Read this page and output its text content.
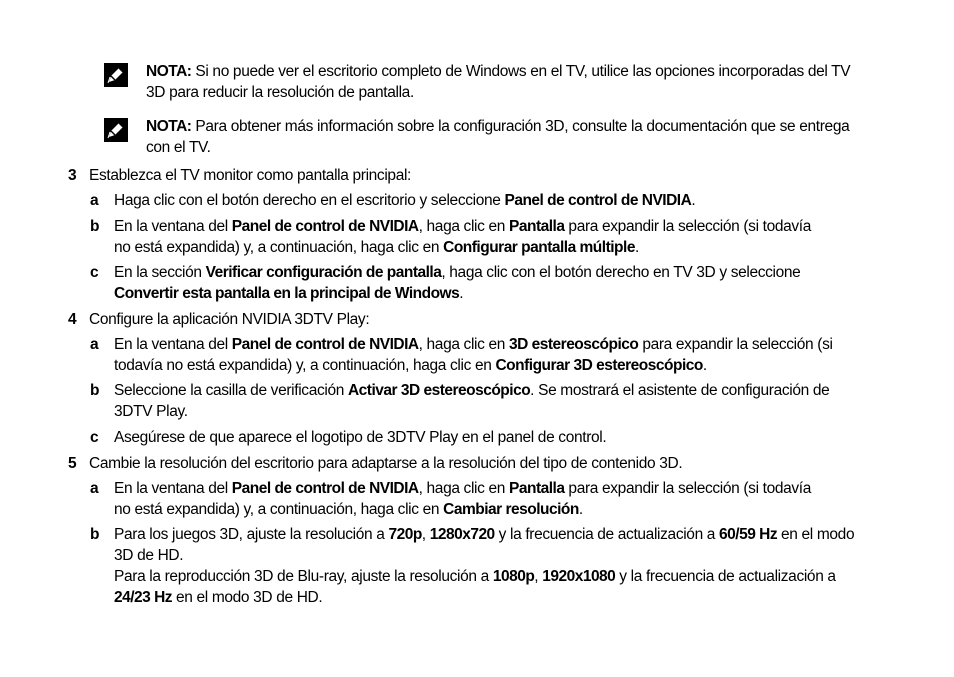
NOTA: Si no puede ver el escritorio completo de Windows en el TV, utilice las opciones incorporadas del TV 3D para reducir la resolución de pantalla.
NOTA: Para obtener más información sobre la configuración 3D, consulte la documentación que se entrega con el TV.
3 Establezca el TV monitor como pantalla principal:
a Haga clic con el botón derecho en el escritorio y seleccione Panel de control de NVIDIA.
b En la ventana del Panel de control de NVIDIA, haga clic en Pantalla para expandir la selección (si todavía no está expandida) y, a continuación, haga clic en Configurar pantalla múltiple.
c En la sección Verificar configuración de pantalla, haga clic con el botón derecho en TV 3D y seleccione Convertir esta pantalla en la principal de Windows.
4 Configure la aplicación NVIDIA 3DTV Play:
a En la ventana del Panel de control de NVIDIA, haga clic en 3D estereoscópico para expandir la selección (si todavía no está expandida) y, a continuación, haga clic en Configurar 3D estereoscópico.
b Seleccione la casilla de verificación Activar 3D estereoscópico. Se mostrará el asistente de configuración de 3DTV Play.
c Asegúrese de que aparece el logotipo de 3DTV Play en el panel de control.
5 Cambie la resolución del escritorio para adaptarse a la resolución del tipo de contenido 3D.
a En la ventana del Panel de control de NVIDIA, haga clic en Pantalla para expandir la selección (si todavía no está expandida) y, a continuación, haga clic en Cambiar resolución.
b Para los juegos 3D, ajuste la resolución a 720p, 1280x720 y la frecuencia de actualización a 60/59 Hz en el modo 3D de HD.
Para la reproducción 3D de Blu-ray, ajuste la resolución a 1080p, 1920x1080 y la frecuencia de actualización a 24/23 Hz en el modo 3D de HD.
